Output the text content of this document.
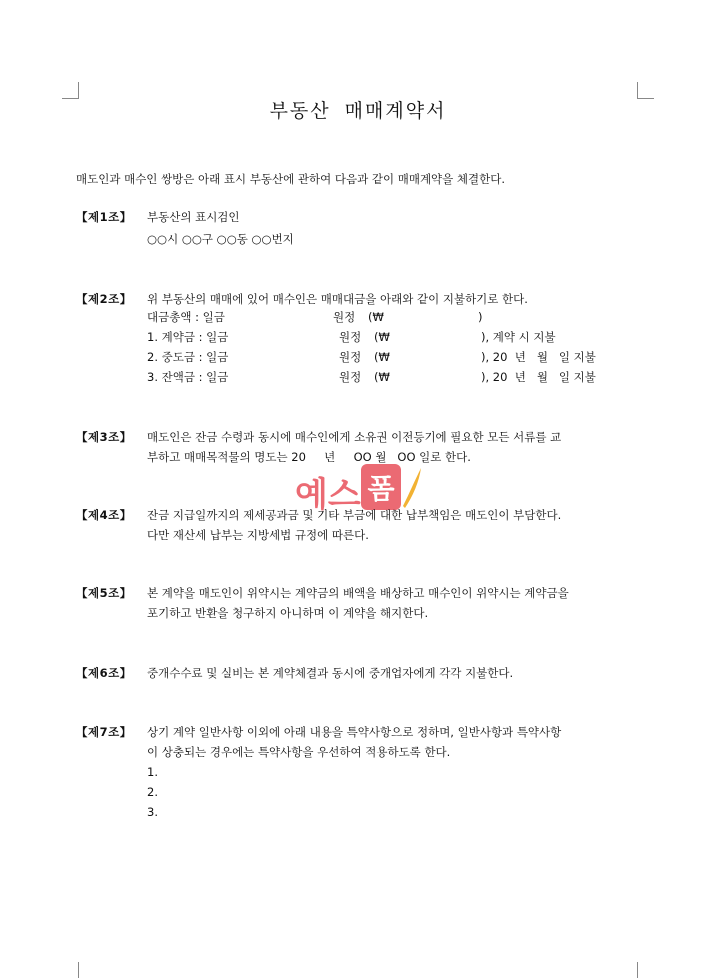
부동산 매매계약서
매도인과 매수인 쌍방은 아래 표시 부동산에 관하여 다음과 같이 매매계약을 체결한다.
【제1조】 부동산의 표시검인
○○시 ○○구 ○○동 ○○번지
【제2조】 위 부동산의 매매에 있어 매수인은 매매대금을 아래와 같이 지불하기로 한다.
대금총액 : 일금	원정 (₩	)
1. 계약금 : 일금	원정 (₩	), 계약 시 지불
2. 중도금 : 일금	원정 (₩	), 20  년   월   일 지불
3. 잔액금 : 일금	원정 (₩	), 20  년   월   일 지불
【제3조】 매도인은 잔금 수령과 동시에 매수인에게 소유권 이전등기에 필요한 모든 서류를 교
부하고 매매목적물의 명도는 20     년     OO 월   OO 일로 한다.
예스 폼
【제4조】 잔금 지급일까지의 제세공과금 및 기타 부금에 대한 납부책임은 매도인이 부담한다.
다만 재산세 납부는 지방세법 규정에 따른다.
【제5조】 본 계약을 매도인이 위약시는 계약금의 배액을 배상하고 매수인이 위약시는 계약금을
포기하고 반환을 청구하지 아니하며 이 계약을 해지한다.
【제6조】 중개수수료 및 실비는 본 계약체결과 동시에 중개업자에게 각각 지불한다.
【제7조】 상기 계약 일반사항 이외에 아래 내용을 특약사항으로 정하며, 일반사항과 특약사항
이 상충되는 경우에는 특약사항을 우선하여 적용하도록 한다.
1.
2.
3.
